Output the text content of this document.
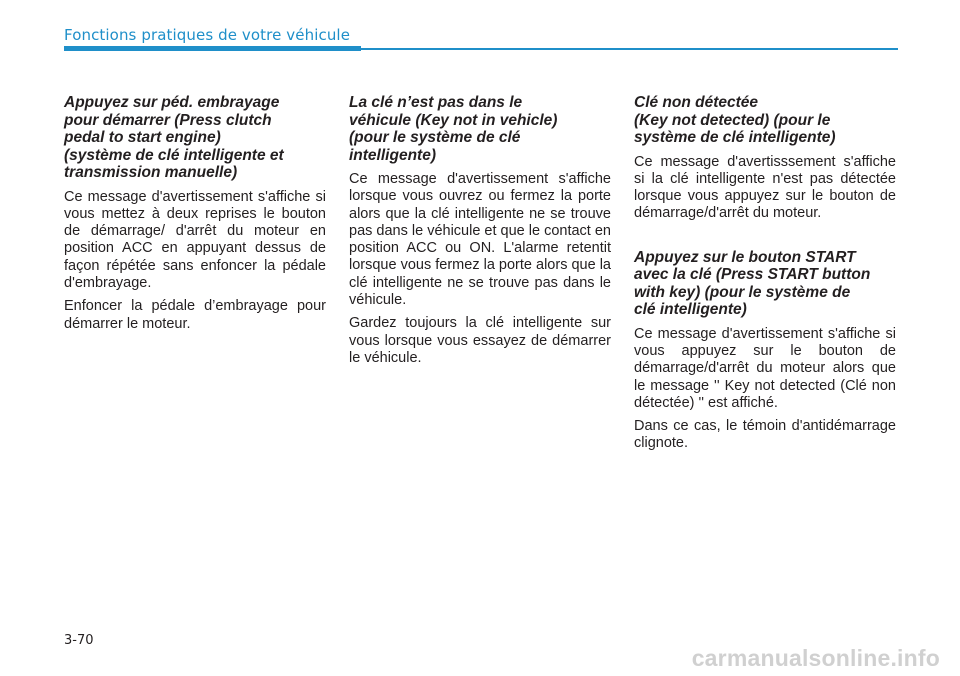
Fonctions pratiques de votre véhicule
Appuyez sur péd. embrayage
pour démarrer (Press clutch
pedal to start engine)
(système de clé intelligente et
transmission manuelle)

Ce message d'avertissement s'affiche si vous mettez à deux reprises le bouton de démarrage/ d'arrêt du moteur en position ACC en appuyant dessus de façon répétée sans enfoncer la pédale d'embrayage.

Enfoncer la pédale d’embrayage pour démarrer le moteur.

La clé n’est pas dans le
véhicule (Key not in vehicle)
(pour le système de clé
intelligente)

Ce message d'avertissement s'affiche lorsque vous ouvrez ou fermez la porte alors que la clé intelligente ne se trouve pas dans le véhicule et que le contact en position ACC ou ON. L'alarme retentit lorsque vous fermez la porte alors que la clé intelligente ne se trouve pas dans le véhicule.

Gardez toujours la clé intelligente sur vous lorsque vous essayez de démarrer le véhicule.

Clé non détectée
(Key not detected) (pour le
système de clé intelligente)

Ce message d'avertisssement s'affiche si la clé intelligente n'est pas détectée lorsque vous appuyez sur le bouton de démarrage/d'arrêt du moteur.

Appuyez sur le bouton START
avec la clé (Press START button
with key) (pour le système de
clé intelligente)

Ce message d'avertissement s'affiche si vous appuyez sur le bouton de démarrage/d'arrêt du moteur alors que le message '' Key not detected (Clé non détectée) '' est affiché.

Dans ce cas, le témoin d'antidémarrage clignote.

3-70
carmanualsonline.info
